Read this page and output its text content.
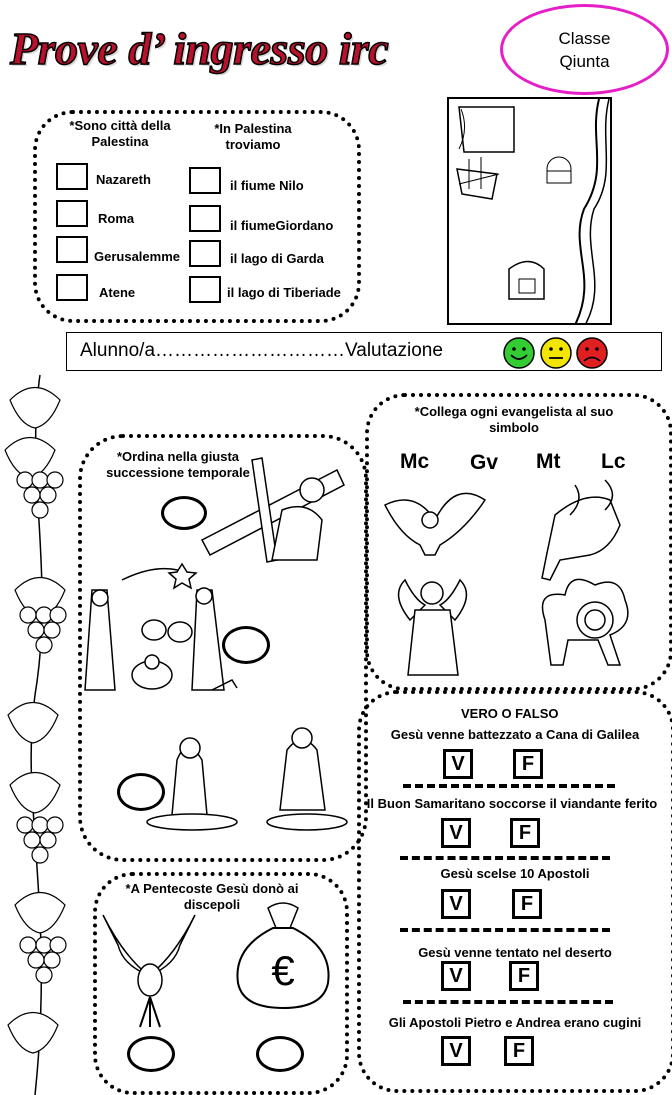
Prove d’ ingresso irc	Classe
Qiunta
*Sono città della Palestina
*In Palestina troviamo
Nazareth
Roma
Gerusalemme
Atene
il fiume Nilo
il fiumeGiordano
il lago di Garda
il lago di Tiberiade
Alunno/a…………………………Valutazione
*Ordina nella giusta successione temporale
*Collega ogni evangelista al suo simbolo
Mc Gv Mt Lc
VERO O FALSO
Gesù venne battezzato a Cana di Galilea
V	F
Il Buon Samaritano soccorse il viandante ferito
V	F
Gesù scelse 10 Apostoli
V	F
Gesù venne tentato nel deserto
V	F
Gli Apostoli Pietro e Andrea erano cugini
V	F
*A Pentecoste Gesù donò ai discepoli
€
